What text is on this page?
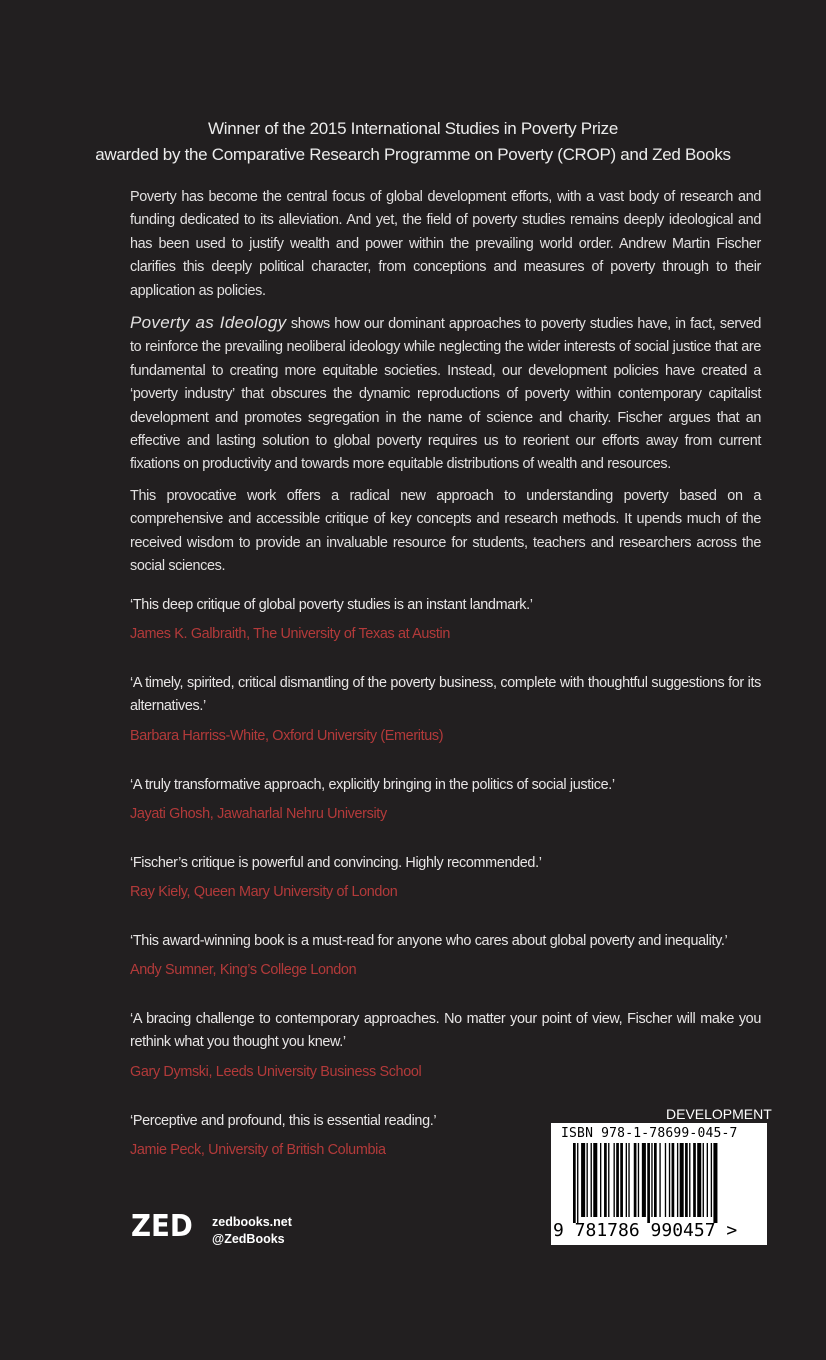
Winner of the 2015 International Studies in Poverty Prize
awarded by the Comparative Research Programme on Poverty (CROP) and Zed Books

Poverty has become the central focus of global development efforts, with a vast body of research and funding dedicated to its alleviation. And yet, the field of poverty studies remains deeply ideological and has been used to justify wealth and power within the prevailing world order. Andrew Martin Fischer clarifies this deeply political character, from conceptions and measures of poverty through to their application as policies.

Poverty as Ideology shows how our dominant approaches to poverty studies have, in fact, served to reinforce the prevailing neoliberal ideology while neglecting the wider interests of social justice that are fundamental to creating more equitable societies. Instead, our development policies have created a ‘poverty industry’ that obscures the dynamic reproductions of poverty within contemporary capitalist development and promotes segregation in the name of science and charity. Fischer argues that an effective and lasting solution to global poverty requires us to reorient our efforts away from current fixations on productivity and towards more equitable distributions of wealth and resources.

This provocative work offers a radical new approach to understanding poverty based on a comprehensive and accessible critique of key concepts and research methods. It upends much of the received wisdom to provide an invaluable resource for students, teachers and researchers across the social sciences.

‘This deep critique of global poverty studies is an instant landmark.’
James K. Galbraith, The University of Texas at Austin
‘A timely, spirited, critical dismantling of the poverty business, complete with thoughtful suggestions for its alternatives.’
Barbara Harriss-White, Oxford University (Emeritus)
‘A truly transformative approach, explicitly bringing in the politics of social justice.’
Jayati Ghosh, Jawaharlal Nehru University
‘Fischer’s critique is powerful and convincing. Highly recommended.’
Ray Kiely, Queen Mary University of London
‘This award-winning book is a must-read for anyone who cares about global poverty and inequality.’
Andy Sumner, King’s College London
‘A bracing challenge to contemporary approaches. No matter your point of view, Fischer will make you rethink what you thought you knew.’
Gary Dymski, Leeds University Business School
‘Perceptive and profound, this is essential reading.’
Jamie Peck, University of British Columbia
ZED zedbooks.net
@ZedBooks
DEVELOPMENT
ISBN 978-1-78699-045-7
9 781786 990457 >
